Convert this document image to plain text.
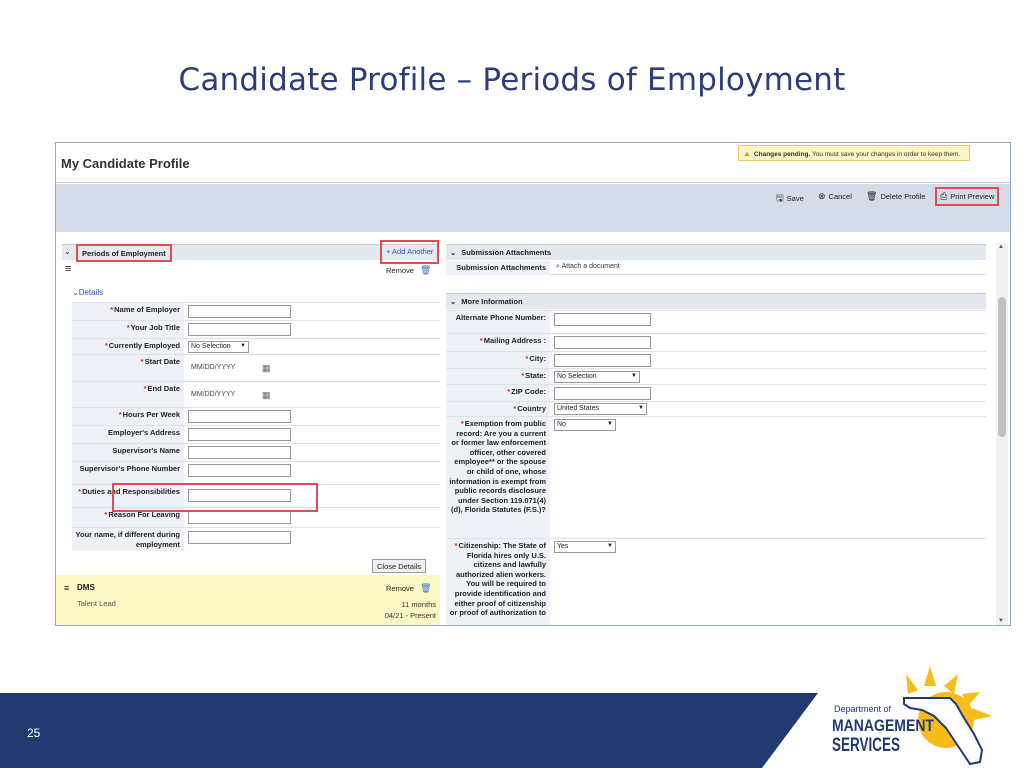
Candidate Profile – Periods of Employment
My Candidate Profile
▲ Changes pending. You must save your changes in order to keep them.
🖫 Save ⊗ Cancel 🗑 Delete Profile	⎙ Print Preview
⌄	Periods of Employment	+ Add Another
≡	Remove 🗑
⌄Details
*Name of Employer
*Your Job Title
*Currently Employed	No Selection ▼
*Start Date
MM/DD/YYYY	▦
*End Date
MM/DD/YYYY	▦
*Hours Per Week
Employer's Address
Supervisor's Name
Supervisor's Phone Number
*Duties and Responsibilities
*Reason For Leaving
Your name, if different during employment
Close Details
≡ DMS
Talent Lead
Remove 🗑
11 months
04/21 - Present
⌄ Submission Attachments
Submission Attachments	⌕ Attach a document
⌄ More Information
Alternate Phone Number:
*Mailing Address :
*City:
*State:	No Selection	▼
*ZIP Code:
*Country	United States	▼
*Exemption from public record: Are you a current or former law enforcement officer, other covered employee** or the spouse or child of one, whose information is exempt from public records disclosure under Section 119.071(4)(d), Florida Statutes (F.S.)?
No	▼
*Citizenship: The State of Florida hires only U.S. citizens and lawfully authorized alien workers. You will be required to provide identification and either proof of citizenship or proof of authorization to
Yes	▼
▲
▼
25
Department of
MANAGEMENT
SERVICES
